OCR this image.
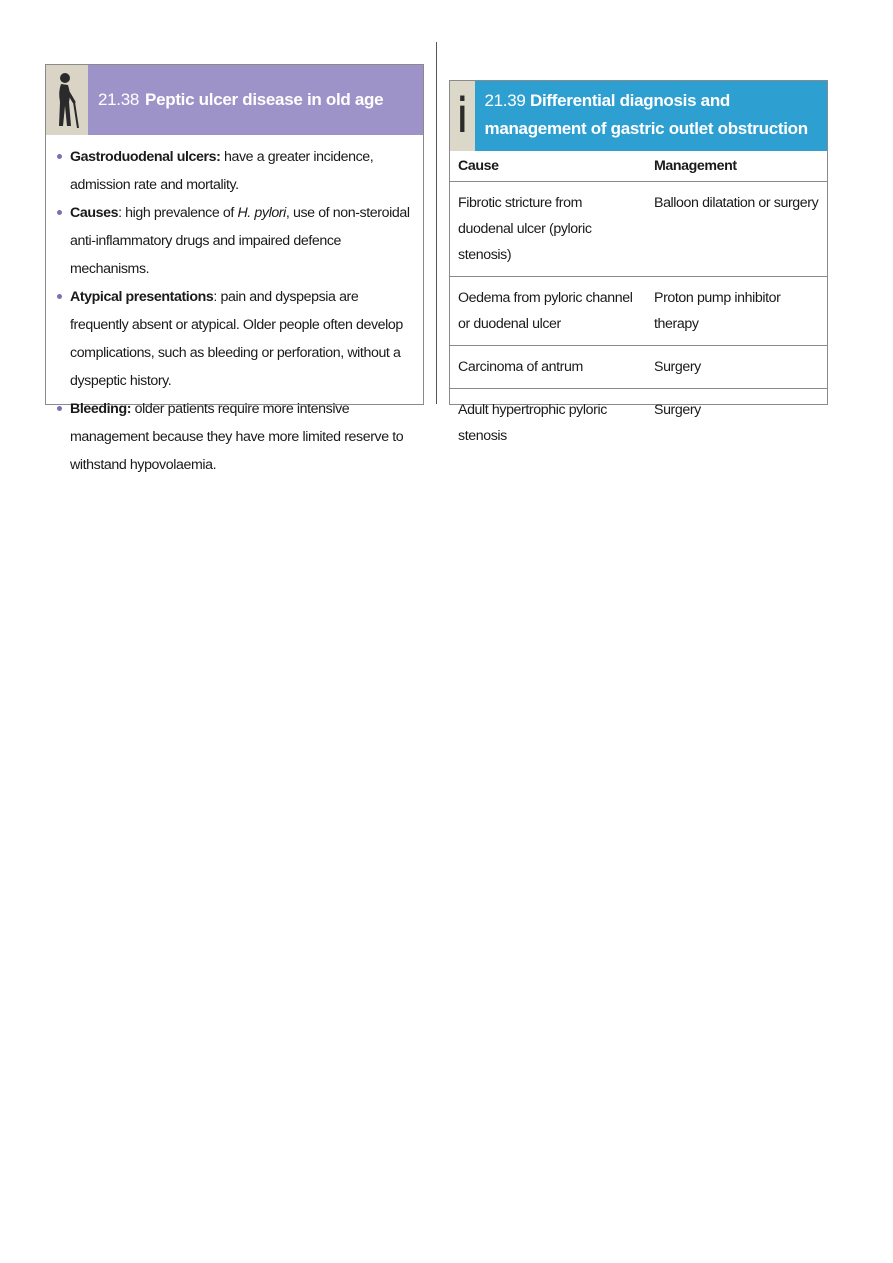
21.38 Peptic ulcer disease in old age
Gastroduodenal ulcers: have a greater incidence, admission rate and mortality.
Causes: high prevalence of H. pylori, use of non-steroidal anti-inflammatory drugs and impaired defence mechanisms.
Atypical presentations: pain and dyspepsia are frequently absent or atypical. Older people often develop complications, such as bleeding or perforation, without a dyspeptic history.
Bleeding: older patients require more intensive management because they have more limited reserve to withstand hypovolaemia.
i 21.39 Differential diagnosis and management of gastric outlet obstruction
Cause	Management
Fibrotic stricture from duodenal ulcer (pyloric stenosis)	Balloon dilatation or surgery
Oedema from pyloric channel or duodenal ulcer	Proton pump inhibitor therapy
Carcinoma of antrum	Surgery
Adult hypertrophic pyloric stenosis	Surgery
